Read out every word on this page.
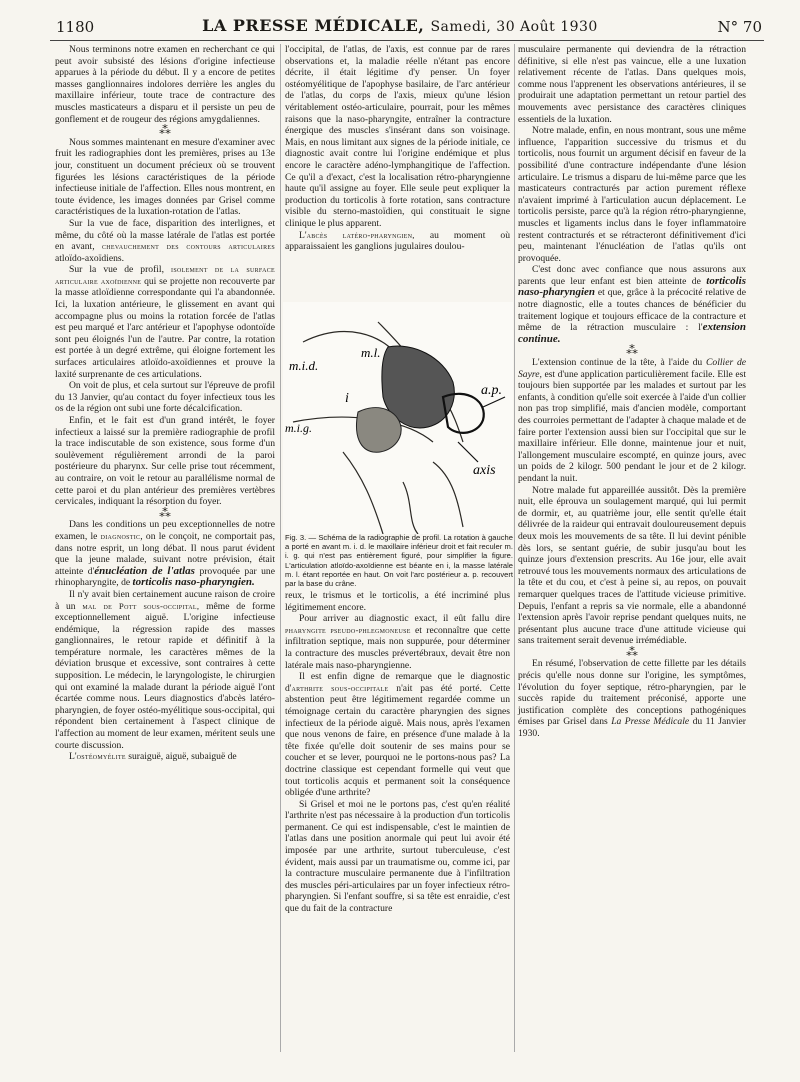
1180	LA PRESSE MÉDICALE, Samedi, 30 Août 1930	N° 70

Nous terminons notre examen en recherchant ce qui peut avoir subsisté des lésions d'origine infectieuse apparues à la période du début. Il y a encore de petites masses ganglionnaires indolores derrière les angles du maxillaire inférieur, toute trace de contracture des muscles masticateurs a disparu et il persiste un peu de gonflement et de rougeur des régions amygdaliennes.

⁂

Nous sommes maintenant en mesure d'examiner avec fruit les radiographies dont les premières, prises au 13e jour, constituent un document précieux où se trouvent figurées les lésions caractéristiques de la période infectieuse initiale de l'affection. Elles nous montrent, en toute évidence, les images données par Grisel comme caractéristiques de la luxation-rotation de l'atlas.

Sur la vue de face, disparition des interlignes, et même, du côté où la masse latérale de l'atlas est portée en avant, chevauchement des contours articulaires atloïdo-axoïdiens.

Sur la vue de profil, isolement de la surface articulaire axoïdienne qui se projette non recouverte par la masse atloïdienne correspondante qui l'a abandonnée. Ici, la luxation antérieure, le glissement en avant qui accompagne plus ou moins la rotation forcée de l'atlas est peu marqué et l'arc antérieur et l'apophyse odontoïde sont peu éloignés l'un de l'autre. Par contre, la rotation est portée à un degré extrême, qui éloigne fortement les surfaces articulaires atloïdo-axoïdiennes et prouve la laxité surprenante de ces articulations.

On voit de plus, et cela surtout sur l'épreuve de profil du 13 Janvier, qu'au contact du foyer infectieux tous les os de la région ont subi une forte décalcification.

Enfin, et le fait est d'un grand intérêt, le foyer infectieux a laissé sur la première radiographie de profil la trace indiscutable de son existence, sous forme d'un soulèvement régulièrement arrondi de la paroi postérieure du pharynx. Sur celle prise tout récemment, au contraire, on voit le retour au parallélisme normal de cette paroi et du plan antérieur des premières vertèbres cervicales, indiquant la résorption du foyer.

⁂

Dans les conditions un peu exceptionnelles de notre examen, le diagnostic, on le conçoit, ne comportait pas, dans notre esprit, un long débat. Il nous parut évident que la jeune malade, suivant notre prévision, était atteinte d'énucléation de l'atlas provoquée par une rhinopharyngite, de torticolis naso-pharyngien.

Il n'y avait bien certainement aucune raison de croire à un mal de Pott sous-occipital, même de forme exceptionnellement aiguë. L'origine infectieuse endémique, la régression rapide des masses ganglionnaires, le retour rapide et définitif à la température normale, les caractères mêmes de la déviation brusque et excessive, sont contraires à cette supposition. Le médecin, le laryngologiste, le chirurgien qui ont examiné la malade durant la période aiguë l'ont écartée comme nous. Leurs diagnostics d'abcès latéro-pharyngien, de foyer ostéo-myélitique sous-occipital, qui répondent bien certainement à l'aspect clinique de l'affection au moment de leur examen, méritent seuls une courte discussion.

L'ostéomyélite suraiguë, aiguë, subaiguë de

l'occipital, de l'atlas, de l'axis, est connue par de rares observations et, la maladie réelle n'étant pas encore décrite, il était légitime d'y penser. Un foyer ostéomyélitique de l'apophyse basilaire, de l'arc antérieur de l'atlas, du corps de l'axis, mieux qu'une lésion véritablement ostéo-articulaire, pourrait, pour les mêmes raisons que la naso-pharyngite, entraîner la contracture énergique des muscles s'insérant dans son voisinage. Mais, en nous limitant aux signes de la période initiale, ce diagnostic avait contre lui l'origine endémique et plus encore le caractère adéno-lymphangitique de l'affection. Ce qu'il a d'exact, c'est la localisation rétro-pharyngienne haute qu'il assigne au foyer. Elle seule peut expliquer la production du torticolis à forte rotation, sans contracture visible du sterno-mastoïdien, qui constituait le signe clinique le plus apparent.

L'abcès latéro-pharyngien, au moment où apparaissaient les ganglions jugulaires doulou-

m.i.d.
m.l.
i
m.i.g.
a.p.
axis
Fig. 3. — Schéma de la radiographie de profil. La rotation à gauche a porté en avant m. i. d. le maxillaire inférieur droit et fait reculer m. i. g. qui n'est pas entièrement figuré, pour simplifier la figure. L'articulation atloïdo-axoïdienne est béante en i, la masse latérale m. l. étant reportée en haut. On voit l'arc postérieur a. p. recouvert par la base du crâne.

reux, le trismus et le torticolis, a été incriminé plus légitimement encore.

Pour arriver au diagnostic exact, il eût fallu dire pharyngite pseudo-phlegmoneuse et reconnaître que cette infiltration septique, mais non suppurée, pour déterminer la contracture des muscles prévertébraux, devait être non latérale mais naso-pharyngienne.

Il est enfin digne de remarque que le diagnostic d'arthrite sous-occipitale n'ait pas été porté. Cette abstention peut être légitimement regardée comme un témoignage certain du caractère pharyngien des signes infectieux de la période aiguë. Mais nous, après l'examen que nous venons de faire, en présence d'une malade à la tête fixée qu'elle doit soutenir de ses mains pour se coucher et se lever, pourquoi ne le portons-nous pas? La doctrine classique est cependant formelle qui veut que tout torticolis acquis et permanent soit la conséquence obligée d'une arthrite?

Si Grisel et moi ne le portons pas, c'est qu'en réalité l'arthrite n'est pas nécessaire à la production d'un torticolis permanent. Ce qui est indispensable, c'est le maintien de l'atlas dans une position anormale qui peut lui avoir été imposée par une arthrite, surtout tuberculeuse, c'est évident, mais aussi par un traumatisme ou, comme ici, par la contracture musculaire permanente due à l'infiltration des muscles péri-articulaires par un foyer infectieux rétro-pharyngien. Si l'enfant souffre, si sa tête est enraidie, c'est que du fait de la contracture

musculaire permanente qui deviendra de la rétraction définitive, si elle n'est pas vaincue, elle a une luxation relativement récente de l'atlas. Dans quelques mois, comme nous l'apprenent les observations antérieures, il se produirait une adaptation permettant un retour partiel des mouvements avec persistance des caractères cliniques essentiels de la luxation.

Notre malade, enfin, en nous montrant, sous une même influence, l'apparition successive du trismus et du torticolis, nous fournit un argument décisif en faveur de la possibilité d'une contracture indépendante d'une lésion articulaire. Le trismus a disparu de lui-même parce que les masticateurs contracturés par action purement réflexe n'avaient imprimé à l'articulation aucun déplacement. Le torticolis persiste, parce qu'à la région rétro-pharyngienne, muscles et ligaments inclus dans le foyer inflammatoire restent contracturés et se rétracteront définitivement d'ici peu, maintenant l'énucléation de l'atlas qu'ils ont provoquée.

C'est donc avec confiance que nous assurons aux parents que leur enfant est bien atteinte de torticolis naso-pharyngien et que, grâce à la précocité relative de notre diagnostic, elle a toutes chances de bénéficier du traitement logique et toujours efficace de la contracture et même de la rétraction musculaire : l'extension continue.

⁂

L'extension continue de la tête, à l'aide du Collier de Sayre, est d'une application particulièrement facile. Elle est toujours bien supportée par les malades et surtout par les enfants, à condition qu'elle soit exercée à l'aide d'un collier non pas trop simplifié, mais d'ancien modèle, comportant des courroies permettant de l'adapter à chaque malade et de faire porter l'extension aussi bien sur l'occipital que sur le maxillaire inférieur. Elle donne, maintenue jour et nuit, l'allongement musculaire escompté, en quinze jours, avec un poids de 2 kilogr. 500 pendant le jour et de 2 kilogr. pendant la nuit.

Notre malade fut appareillée aussitôt. Dès la première nuit, elle éprouva un soulagement marqué, qui lui permit de dormir, et, au quatrième jour, elle sentit qu'elle était délivrée de la raideur qui entravait douloureusement depuis deux mois les mouvements de sa tête. Il lui devint pénible dès lors, se sentant guérie, de subir jusqu'au bout les quinze jours d'extension prescrits. Au 16e jour, elle avait retrouvé tous les mouvements normaux des articulations de la tête et du cou, et c'est à peine si, au repos, on pouvait remarquer quelques traces de l'attitude vicieuse primitive. Depuis, l'enfant a repris sa vie normale, elle a abandonné l'extension après l'avoir reprise pendant quelques nuits, ne présentant plus aucune trace d'une attitude vicieuse qui sans traitement serait devenue irrémédiable.

⁂

En résumé, l'observation de cette fillette par les détails précis qu'elle nous donne sur l'origine, les symptômes, l'évolution du foyer septique, rétro-pharyngien, par le succès rapide du traitement préconisé, apporte une justification complète des conceptions pathogéniques émises par Grisel dans La Presse Médicale du 11 Janvier 1930.
